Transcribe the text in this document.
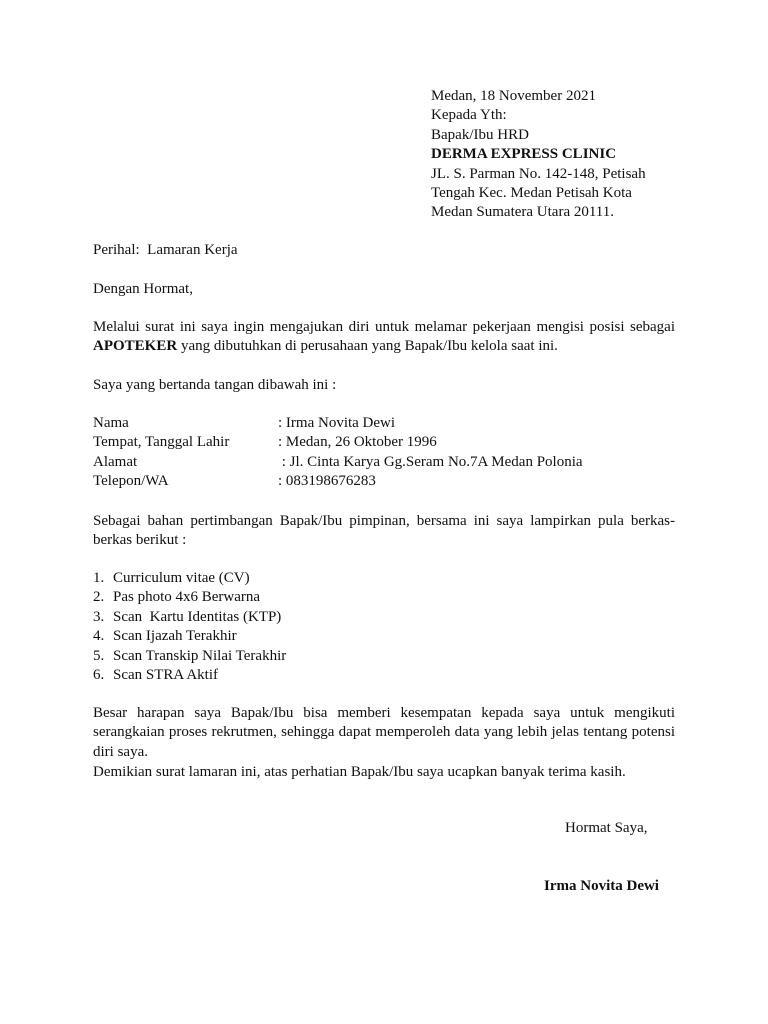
Medan, 18 November 2021
Kepada Yth:
Bapak/Ibu HRD
DERMA EXPRESS CLINIC
JL. S. Parman No. 142-148, Petisah
Tengah Kec. Medan Petisah Kota
Medan Sumatera Utara 20111.
Perihal:  Lamaran Kerja
Dengan Hormat,
Melalui surat ini saya ingin mengajukan diri untuk melamar pekerjaan mengisi posisi sebagai APOTEKER yang dibutuhkan di perusahaan yang Bapak/Ibu kelola saat ini.
Saya yang bertanda tangan dibawah ini :
Nama	: Irma Novita Dewi
Tempat, Tanggal Lahir	: Medan, 26 Oktober 1996
Alamat	: Jl. Cinta Karya Gg.Seram No.7A Medan Polonia
Telepon/WA	: 083198676283
Sebagai bahan pertimbangan Bapak/Ibu pimpinan, bersama ini saya lampirkan pula berkas-berkas berikut :
1. Curriculum vitae (CV)
2. Pas photo 4x6 Berwarna
3. Scan  Kartu Identitas (KTP)
4. Scan Ijazah Terakhir
5. Scan Transkip Nilai Terakhir
6. Scan STRA Aktif
Besar harapan saya Bapak/Ibu bisa memberi kesempatan kepada saya untuk mengikuti serangkaian proses rekrutmen, sehingga dapat memperoleh data yang lebih jelas tentang potensi diri saya.
Demikian surat lamaran ini, atas perhatian Bapak/Ibu saya ucapkan banyak terima kasih.
Hormat Saya,
Irma Novita Dewi
